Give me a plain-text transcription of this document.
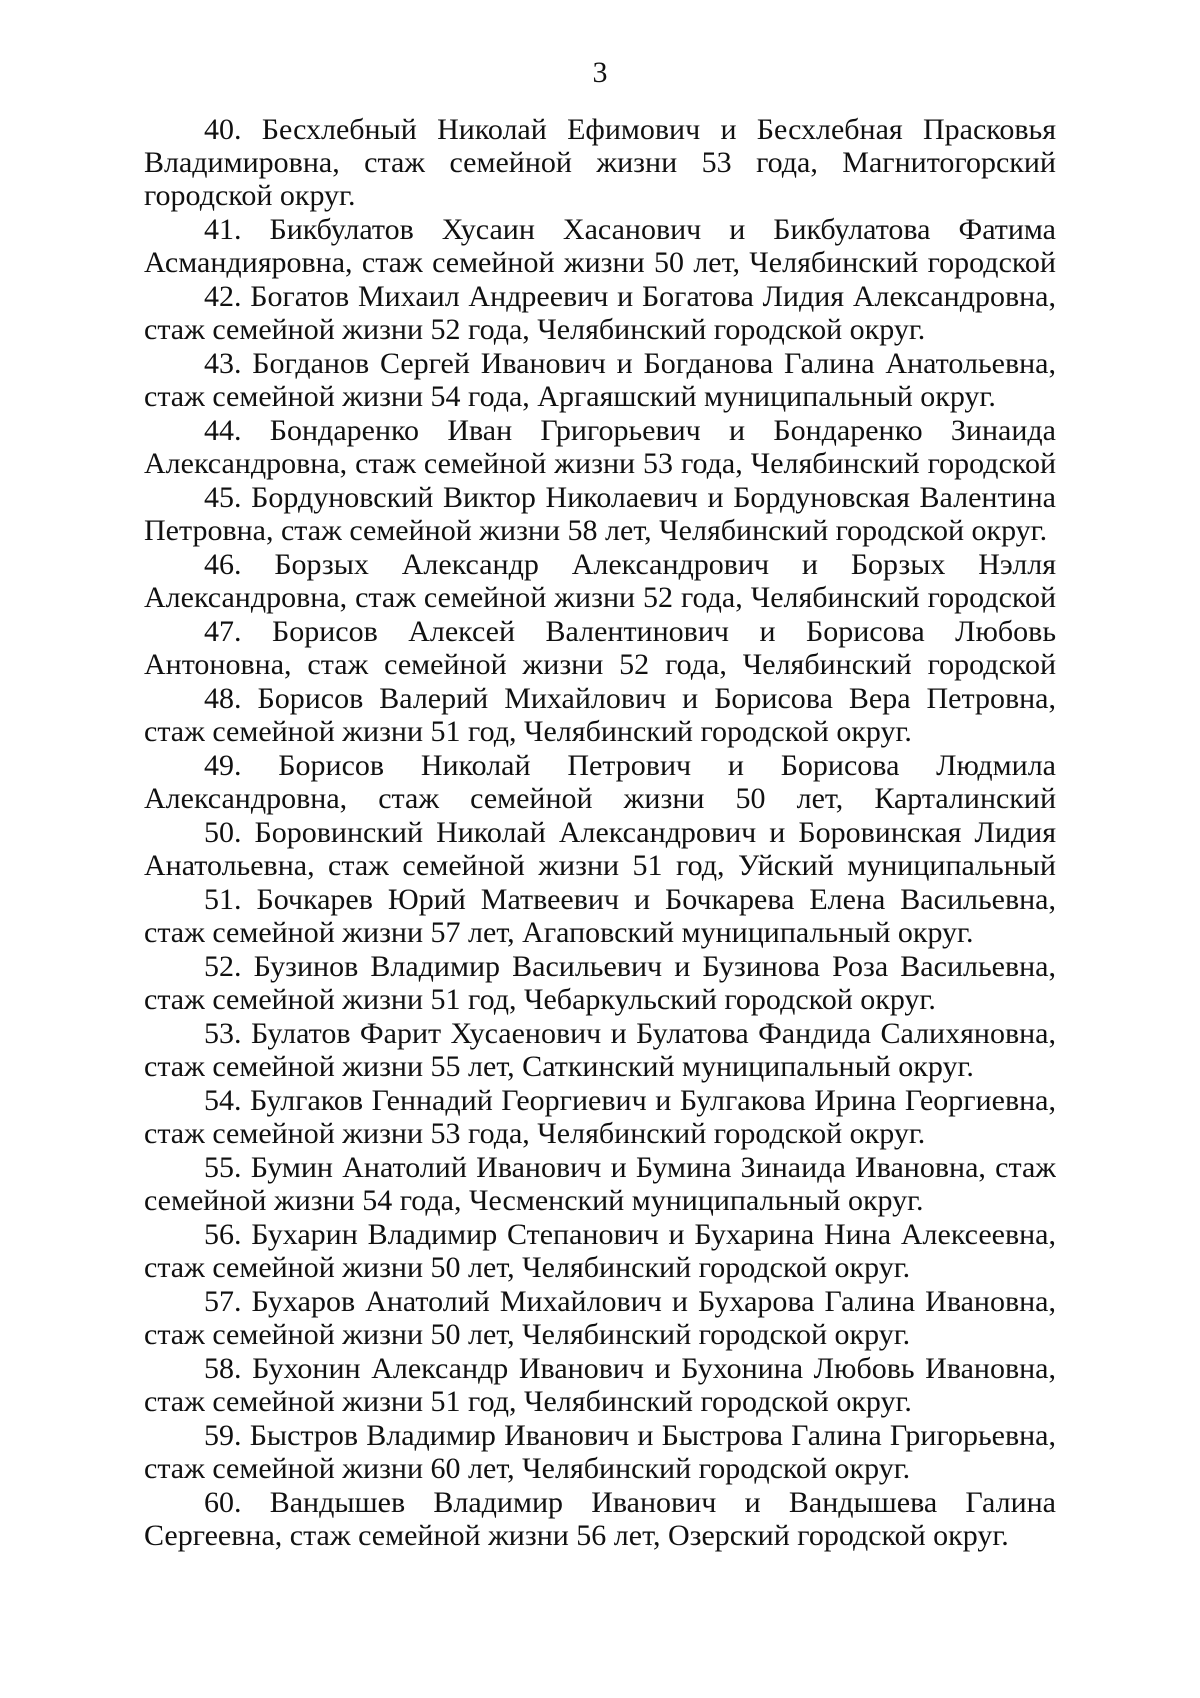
3

40. Бесхлебный Николай Ефимович и Бесхлебная Прасковья Владимировна, стаж семейной жизни 53 года, Магнитогорский городской округ.

41. Бикбулатов Хусаин Хасанович и Бикбулатова Фатима Асмандияровна, стаж семейной жизни 50 лет, Челябинский городской

42. Богатов Михаил Андреевич и Богатова Лидия Александровна, стаж семейной жизни 52 года, Челябинский городской округ.

43. Богданов Сергей Иванович и Богданова Галина Анатольевна, стаж семейной жизни 54 года, Аргаяшский муниципальный округ.

44. Бондаренко Иван Григорьевич и Бондаренко Зинаида Александровна, стаж семейной жизни 53 года, Челябинский городской

45. Бордуновский Виктор Николаевич и Бордуновская Валентина Петровна, стаж семейной жизни 58 лет, Челябинский городской округ.

46. Борзых Александр Александрович и Борзых Нэлля Александровна, стаж семейной жизни 52 года, Челябинский городской

47. Борисов Алексей Валентинович и Борисова Любовь Антоновна, стаж семейной жизни 52 года, Челябинский городской

48. Борисов Валерий Михайлович и Борисова Вера Петровна, стаж семейной жизни 51 год, Челябинский городской округ.

49. Борисов Николай Петрович и Борисова Людмила Александровна, стаж семейной жизни 50 лет, Карталинский

50. Боровинский Николай Александрович и Боровинская Лидия Анатольевна, стаж семейной жизни 51 год, Уйский муниципальный

51. Бочкарев Юрий Матвеевич и Бочкарева Елена Васильевна, стаж семейной жизни 57 лет, Агаповский муниципальный округ.

52. Бузинов Владимир Васильевич и Бузинова Роза Васильевна, стаж семейной жизни 51 год, Чебаркульский городской округ.

53. Булатов Фарит Хусаенович и Булатова Фандида Салихяновна, стаж семейной жизни 55 лет, Саткинский муниципальный округ.

54. Булгаков Геннадий Георгиевич и Булгакова Ирина Георгиевна, стаж семейной жизни 53 года, Челябинский городской округ.

55. Бумин Анатолий Иванович и Бумина Зинаида Ивановна, стаж семейной жизни 54 года, Чесменский муниципальный округ.

56. Бухарин Владимир Степанович и Бухарина Нина Алексеевна, стаж семейной жизни 50 лет, Челябинский городской округ.

57. Бухаров Анатолий Михайлович и Бухарова Галина Ивановна, стаж семейной жизни 50 лет, Челябинский городской округ.

58. Бухонин Александр Иванович и Бухонина Любовь Ивановна, стаж семейной жизни 51 год, Челябинский городской округ.

59. Быстров Владимир Иванович и Быстрова Галина Григорьевна, стаж семейной жизни 60 лет, Челябинский городской округ.

60. Вандышев Владимир Иванович и Вандышева Галина Сергеевна, стаж семейной жизни 56 лет, Озерский городской округ.
